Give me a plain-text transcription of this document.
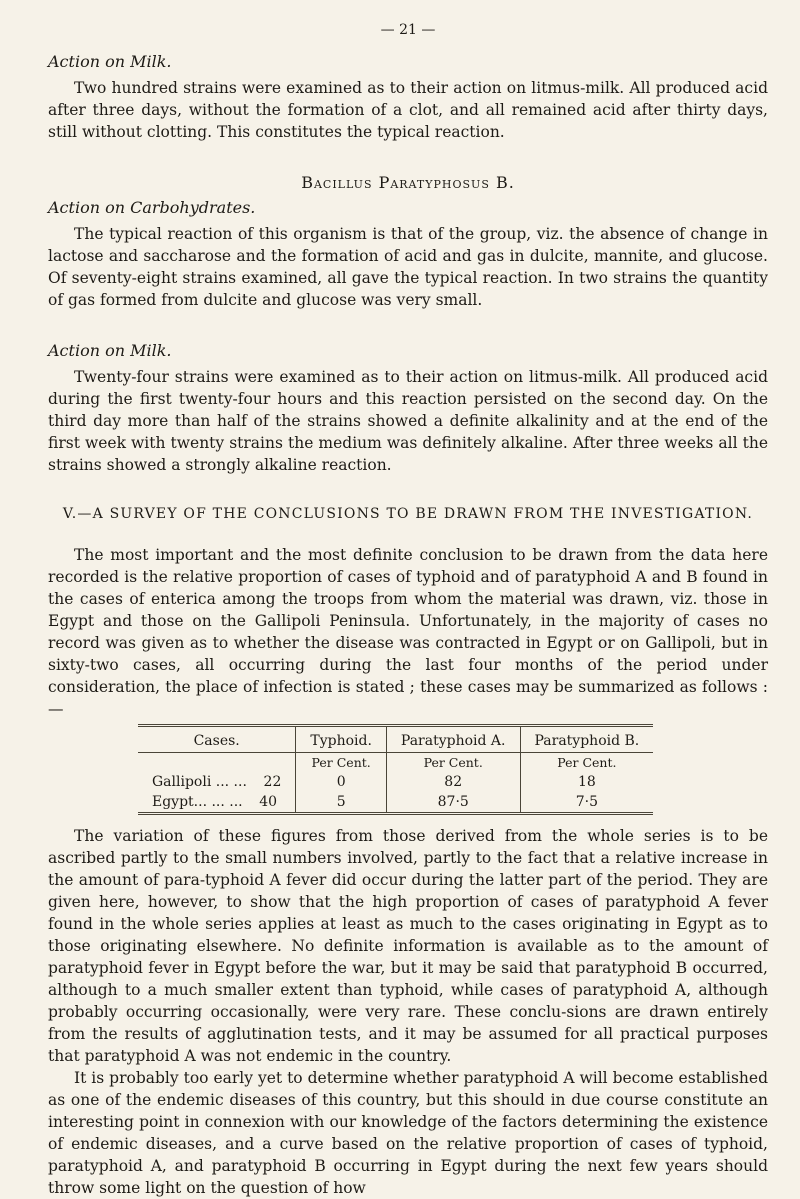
— 21 —
Action on Milk.

Two hundred strains were examined as to their action on litmus-milk. All produced acid after three days, without the formation of a clot, and all remained acid after thirty days, still without clotting. This constitutes the typical reaction.

Bacillus Paratyphosus B.
Action on Carbohydrates.

The typical reaction of this organism is that of the group, viz. the absence of change in lactose and saccharose and the formation of acid and gas in dulcite, mannite, and glucose. Of seventy-eight strains examined, all gave the typical reaction. In two strains the quantity of gas formed from dulcite and glucose was very small.

Action on Milk.

Twenty-four strains were examined as to their action on litmus-milk. All produced acid during the first twenty-four hours and this reaction persisted on the second day. On the third day more than half of the strains showed a definite alkalinity and at the end of the first week with twenty strains the medium was definitely alkaline. After three weeks all the strains showed a strongly alkaline reaction.

V.—A SURVEY OF THE CONCLUSIONS TO BE DRAWN FROM THE INVESTIGATION.

The most important and the most definite conclusion to be drawn from the data here recorded is the relative proportion of cases of typhoid and of paratyphoid A and B found in the cases of enterica among the troops from whom the material was drawn, viz. those in Egypt and those on the Gallipoli Peninsula. Unfortunately, in the majority of cases no record was given as to whether the disease was contracted in Egypt or on Gallipoli, but in sixty-two cases, all occurring during the last four months of the period under consideration, the place of infection is stated ; these cases may be summarized as follows :—

Cases.	Typhoid.	Paratyphoid A.	Paratyphoid B.
	Per Cent.	Per Cent.	Per Cent.
Gallipoli ... ... 22	0	82	18
Egypt... ... ... 40	5	87·5	7·5

The variation of these figures from those derived from the whole series is to be ascribed partly to the small numbers involved, partly to the fact that a relative increase in the amount of para-typhoid A fever did occur during the latter part of the period. They are given here, however, to show that the high proportion of cases of paratyphoid A fever found in the whole series applies at least as much to the cases originating in Egypt as to those originating elsewhere. No definite information is available as to the amount of paratyphoid fever in Egypt before the war, but it may be said that paratyphoid B occurred, although to a much smaller extent than typhoid, while cases of paratyphoid A, although probably occurring occasionally, were very rare. These conclu-sions are drawn entirely from the results of agglutination tests, and it may be assumed for all practical purposes that paratyphoid A was not endemic in the country.

It is probably too early yet to determine whether paratyphoid A will become established as one of the endemic diseases of this country, but this should in due course constitute an interesting point in connexion with our knowledge of the factors determining the existence of endemic diseases, and a curve based on the relative proportion of cases of typhoid, paratyphoid A, and paratyphoid B occurring in Egypt during the next few years should throw some light on the question of how
